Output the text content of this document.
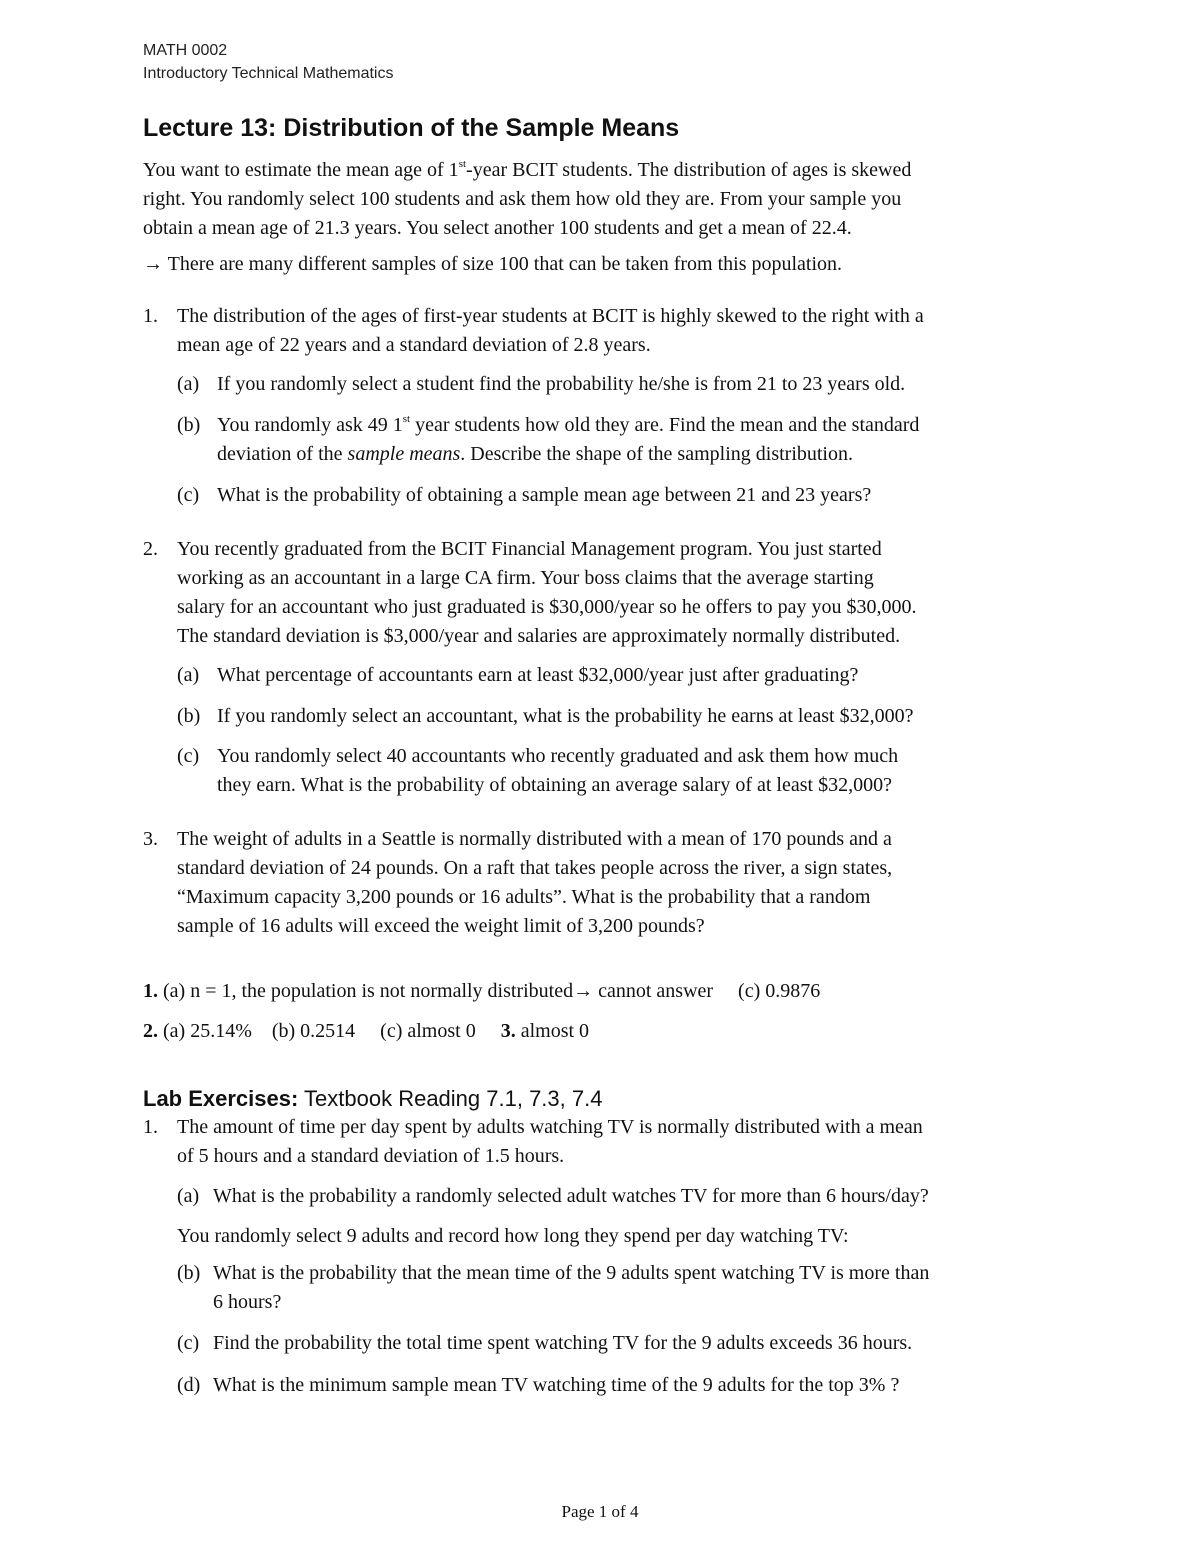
MATH 0002
Introductory Technical Mathematics
Lecture 13: Distribution of the Sample Means
You want to estimate the mean age of 1st-year BCIT students. The distribution of ages is skewed
right. You randomly select 100 students and ask them how old they are. From your sample you
obtain a mean age of 21.3 years. You select another 100 students and get a mean of 22.4.
→ There are many different samples of size 100 that can be taken from this population.
1. The distribution of the ages of first-year students at BCIT is highly skewed to the right with a
mean age of 22 years and a standard deviation of 2.8 years.
(a) If you randomly select a student find the probability he/she is from 21 to 23 years old.
(b) You randomly ask 49 1st year students how old they are. Find the mean and the standard
deviation of the sample means. Describe the shape of the sampling distribution.
(c) What is the probability of obtaining a sample mean age between 21 and 23 years?
2. You recently graduated from the BCIT Financial Management program. You just started
working as an accountant in a large CA firm. Your boss claims that the average starting
salary for an accountant who just graduated is $30,000/year so he offers to pay you $30,000.
The standard deviation is $3,000/year and salaries are approximately normally distributed.
(a) What percentage of accountants earn at least $32,000/year just after graduating?
(b) If you randomly select an accountant, what is the probability he earns at least $32,000?
(c) You randomly select 40 accountants who recently graduated and ask them how much
they earn. What is the probability of obtaining an average salary of at least $32,000?
3. The weight of adults in a Seattle is normally distributed with a mean of 170 pounds and a
standard deviation of 24 pounds. On a raft that takes people across the river, a sign states,
“Maximum capacity 3,200 pounds or 16 adults”. What is the probability that a random
sample of 16 adults will exceed the weight limit of 3,200 pounds?
1. (a) n = 1, the population is not normally distributed→ cannot answer     (c) 0.9876
2. (a) 25.14%    (b) 0.2514     (c) almost 0     3. almost 0
Lab Exercises: Textbook Reading 7.1, 7.3, 7.4
1. The amount of time per day spent by adults watching TV is normally distributed with a mean
of 5 hours and a standard deviation of 1.5 hours.
(a) What is the probability a randomly selected adult watches TV for more than 6 hours/day?
You randomly select 9 adults and record how long they spend per day watching TV:
(b) What is the probability that the mean time of the 9 adults spent watching TV is more than
6 hours?
(c) Find the probability the total time spent watching TV for the 9 adults exceeds 36 hours.
(d) What is the minimum sample mean TV watching time of the 9 adults for the top 3% ?
Page 1 of 4
